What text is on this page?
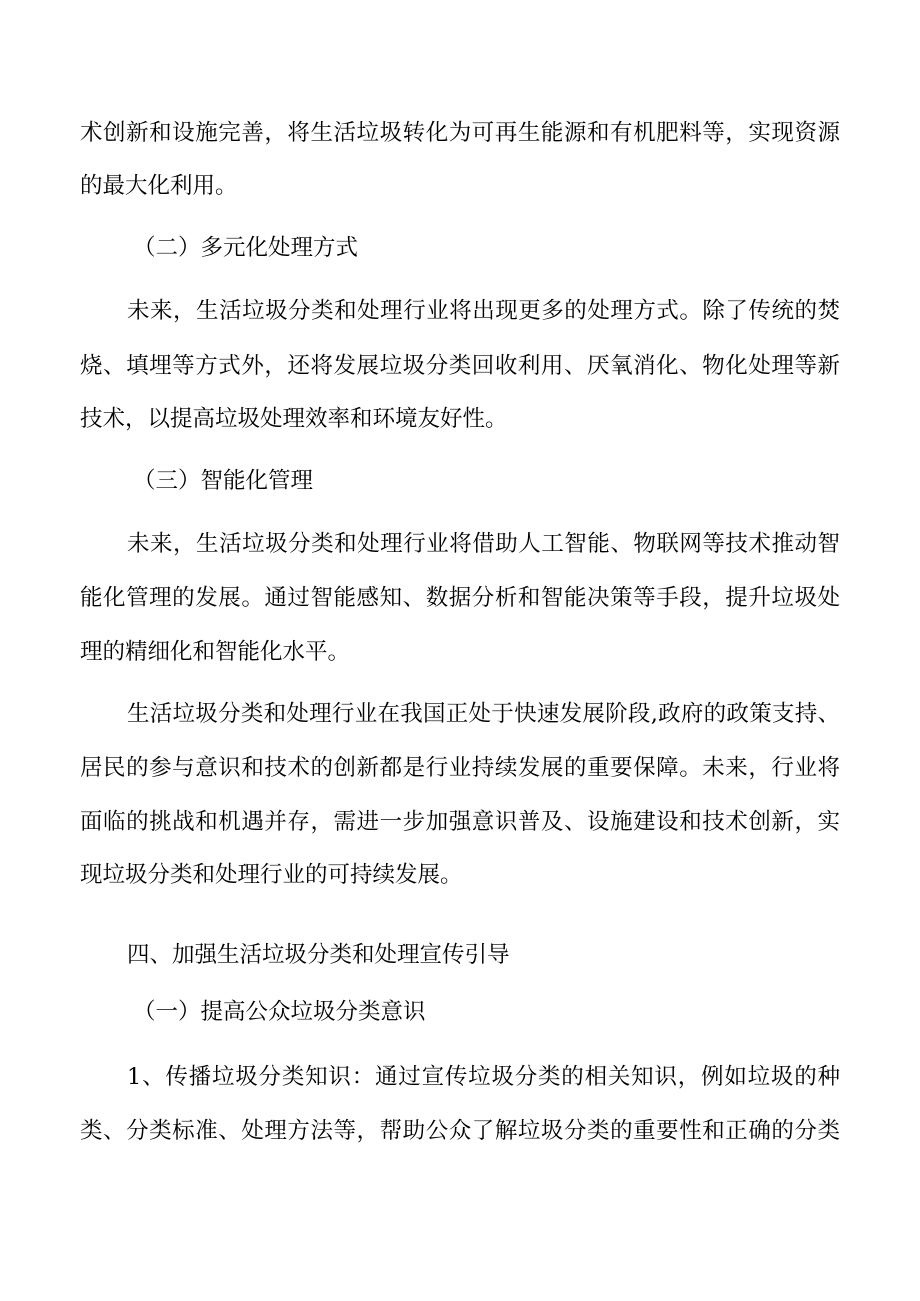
术创新和设施完善，将生活垃圾转化为可再生能源和有机肥料等，实现资源
的最大化利用。
（二）多元化处理方式
未来，生活垃圾分类和处理行业将出现更多的处理方式。除了传统的焚
烧、填埋等方式外，还将发展垃圾分类回收利用、厌氧消化、物化处理等新
技术，以提高垃圾处理效率和环境友好性。
（三）智能化管理
未来，生活垃圾分类和处理行业将借助人工智能、物联网等技术推动智
能化管理的发展。通过智能感知、数据分析和智能决策等手段，提升垃圾处
理的精细化和智能化水平。
生活垃圾分类和处理行业在我国正处于快速发展阶段,政府的政策支持、
居民的参与意识和技术的创新都是行业持续发展的重要保障。未来，行业将
面临的挑战和机遇并存，需进一步加强意识普及、设施建设和技术创新，实
现垃圾分类和处理行业的可持续发展。
四、加强生活垃圾分类和处理宣传引导
（一）提高公众垃圾分类意识
1、传播垃圾分类知识：通过宣传垃圾分类的相关知识，例如垃圾的种
类、分类标准、处理方法等，帮助公众了解垃圾分类的重要性和正确的分类
